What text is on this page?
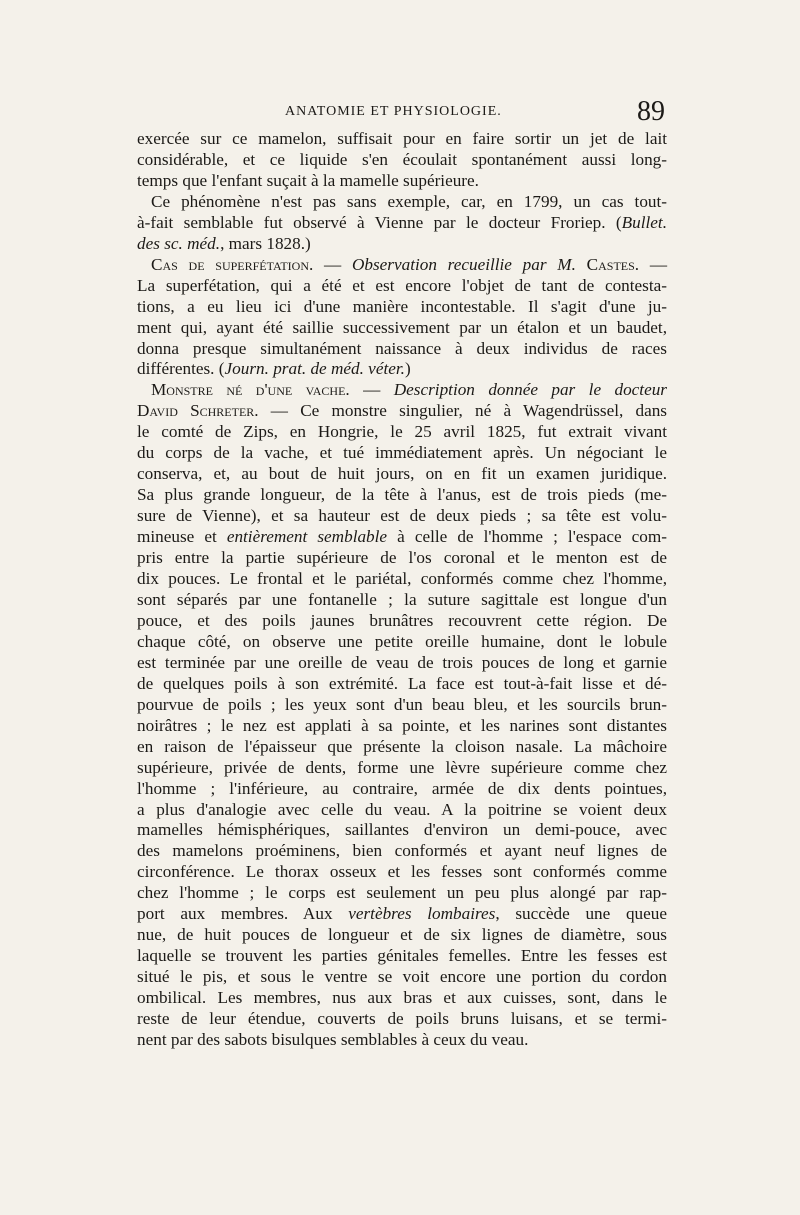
ANATOMIE ET PHYSIOLOGIE.	89

exercée sur ce mamelon, suffisait pour en faire sortir un jet de lait

considérable, et ce liquide s'en écoulait spontanément aussi long-

temps que l'enfant suçait à la mamelle supérieure.

Ce phénomène n'est pas sans exemple, car, en 1799, un cas tout-

à-fait semblable fut observé à Vienne par le docteur Froriep. (Bullet.

des sc. méd., mars 1828.)

Cas de superfétation. — Observation recueillie par M. Castes. —

La superfétation, qui a été et est encore l'objet de tant de contesta-

tions, a eu lieu ici d'une manière incontestable. Il s'agit d'une ju-

ment qui, ayant été saillie successivement par un étalon et un baudet,

donna presque simultanément naissance à deux individus de races

différentes. (Journ. prat. de méd. véter.)

Monstre né d'une vache. — Description donnée par le docteur

David Schreter. — Ce monstre singulier, né à Wagendrüssel, dans

le comté de Zips, en Hongrie, le 25 avril 1825, fut extrait vivant

du corps de la vache, et tué immédiatement après. Un négociant le

conserva, et, au bout de huit jours, on en fit un examen juridique.

Sa plus grande longueur, de la tête à l'anus, est de trois pieds (me-

sure de Vienne), et sa hauteur est de deux pieds ; sa tête est volu-

mineuse et entièrement semblable à celle de l'homme ; l'espace com-

pris entre la partie supérieure de l'os coronal et le menton est de

dix pouces. Le frontal et le pariétal, conformés comme chez l'homme,

sont séparés par une fontanelle ; la suture sagittale est longue d'un

pouce, et des poils jaunes brunâtres recouvrent cette région. De

chaque côté, on observe une petite oreille humaine, dont le lobule

est terminée par une oreille de veau de trois pouces de long et garnie

de quelques poils à son extrémité. La face est tout-à-fait lisse et dé-

pourvue de poils ; les yeux sont d'un beau bleu, et les sourcils brun-

noirâtres ; le nez est applati à sa pointe, et les narines sont distantes

en raison de l'épaisseur que présente la cloison nasale. La mâchoire

supérieure, privée de dents, forme une lèvre supérieure comme chez

l'homme ; l'inférieure, au contraire, armée de dix dents pointues,

a plus d'analogie avec celle du veau. A la poitrine se voient deux

mamelles hémisphériques, saillantes d'environ un demi-pouce, avec

des mamelons proéminens, bien conformés et ayant neuf lignes de

circonférence. Le thorax osseux et les fesses sont conformés comme

chez l'homme ; le corps est seulement un peu plus alongé par rap-

port aux membres. Aux vertèbres lombaires, succède une queue

nue, de huit pouces de longueur et de six lignes de diamètre, sous

laquelle se trouvent les parties génitales femelles. Entre les fesses est

situé le pis, et sous le ventre se voit encore une portion du cordon

ombilical. Les membres, nus aux bras et aux cuisses, sont, dans le

reste de leur étendue, couverts de poils bruns luisans, et se termi-

nent par des sabots bisulques semblables à ceux du veau.
